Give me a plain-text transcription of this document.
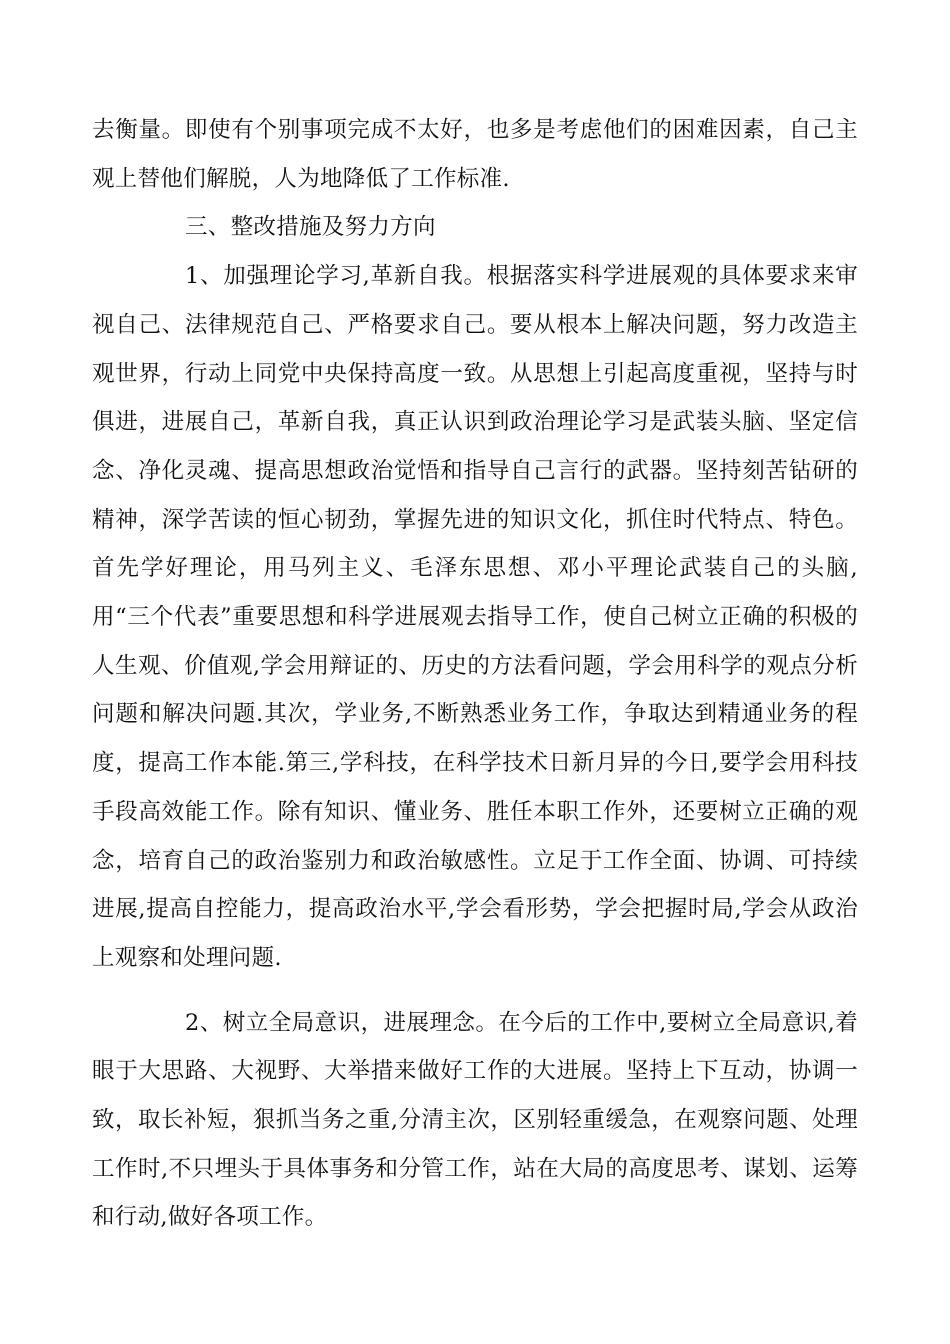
去衡量。即使有个别事项完成不太好，也多是考虑他们的困难因素，自己主观上替他们解脱，人为地降低了工作标准.

三、整改措施及努力方向

1、加强理论学习,革新自我。根据落实科学进展观的具体要求来审视自己、法律规范自己、严格要求自己。要从根本上解决问题，努力改造主观世界，行动上同党中央保持高度一致。从思想上引起高度重视，坚持与时俱进，进展自己，革新自我，真正认识到政治理论学习是武装头脑、坚定信念、净化灵魂、提高思想政治觉悟和指导自己言行的武器。坚持刻苦钻研的精神，深学苦读的恒心韧劲，掌握先进的知识文化，抓住时代特点、特色。首先学好理论，用马列主义、毛泽东思想、邓小平理论武装自己的头脑,用“三个代表”重要思想和科学进展观去指导工作，使自己树立正确的积极的人生观、价值观,学会用辩证的、历史的方法看问题，学会用科学的观点分析问题和解决问题.其次，学业务,不断熟悉业务工作，争取达到精通业务的程度，提高工作本能.第三,学科技，在科学技术日新月异的今日,要学会用科技手段高效能工作。除有知识、懂业务、胜任本职工作外，还要树立正确的观念，培育自己的政治鉴别力和政治敏感性。立足于工作全面、协调、可持续进展,提高自控能力，提高政治水平,学会看形势，学会把握时局,学会从政治上观察和处理问题.

2、树立全局意识，进展理念。在今后的工作中,要树立全局意识,着眼于大思路、大视野、大举措来做好工作的大进展。坚持上下互动，协调一致，取长补短，狠抓当务之重,分清主次，区别轻重缓急，在观察问题、处理工作时,不只埋头于具体事务和分管工作，站在大局的高度思考、谋划、运筹和行动,做好各项工作。
